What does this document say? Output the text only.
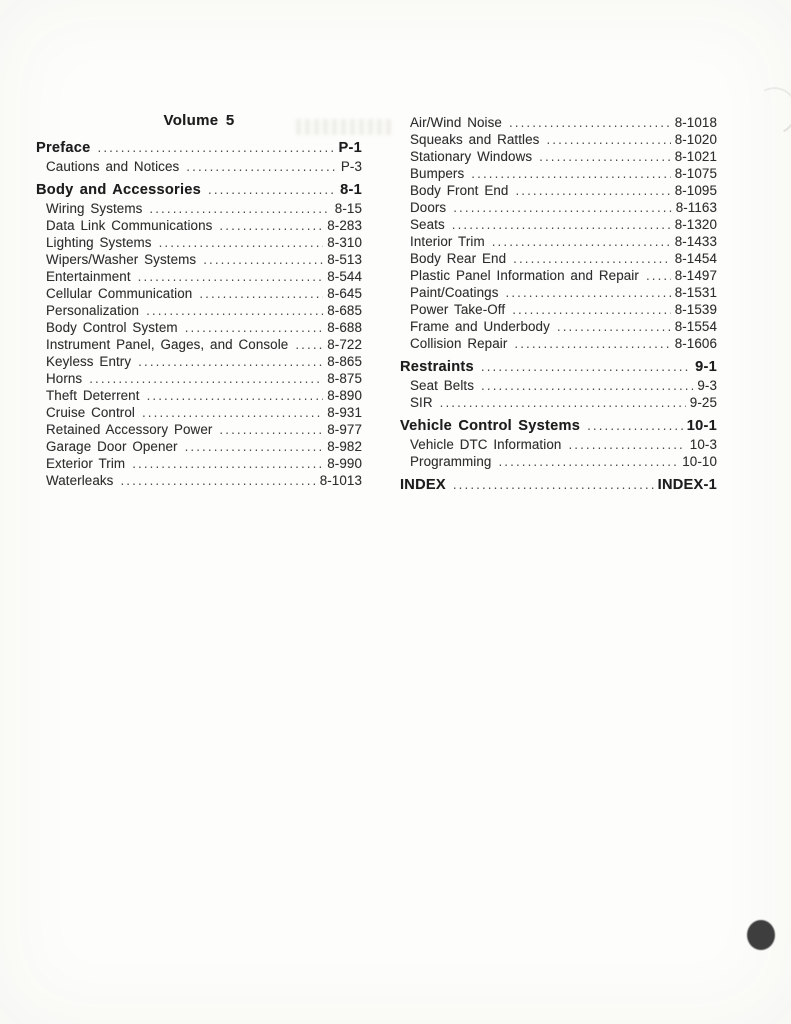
Volume 5
Preface .....	P-1
Cautions and Notices .....	P-3
Body and Accessories .....	8-1
Wiring Systems .....	8-15
Data Link Communications .....	8-283
Lighting Systems .....	8-310
Wipers/Washer Systems .....	8-513
Entertainment .....	8-544
Cellular Communication .....	8-645
Personalization .....	8-685
Body Control System .....	8-688
Instrument Panel, Gages, and Console .....	8-722
Keyless Entry .....	8-865
Horns .....	8-875
Theft Deterrent .....	8-890
Cruise Control .....	8-931
Retained Accessory Power .....	8-977
Garage Door Opener .....	8-982
Exterior Trim .....	8-990
Waterleaks .....	8-1013
Air/Wind Noise .....	8-1018
Squeaks and Rattles .....	8-1020
Stationary Windows .....	8-1021
Bumpers .....	8-1075
Body Front End .....	8-1095
Doors .....	8-1163
Seats .....	8-1320
Interior Trim .....	8-1433
Body Rear End .....	8-1454
Plastic Panel Information and Repair .....	8-1497
Paint/Coatings .....	8-1531
Power Take-Off .....	8-1539
Frame and Underbody .....	8-1554
Collision Repair .....	8-1606
Restraints .....	9-1
Seat Belts .....	9-3
SIR .....	9-25
Vehicle Control Systems .....	10-1
Vehicle DTC Information .....	10-3
Programming .....	10-10
INDEX .....	INDEX-1
